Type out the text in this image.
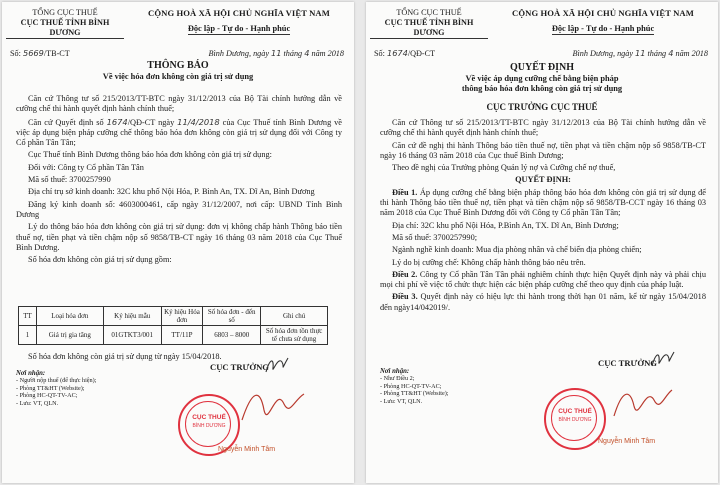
TỔNG CỤC THUẾ
CỤC THUẾ TỈNH BÌNH DƯƠNG
CỘNG HOÀ XÃ HỘI CHỦ NGHĨA VIỆT NAM
Độc lập - Tự do - Hạnh phúc
Số: 5669/TB-CT	Bình Dương, ngày 11 tháng 4 năm 2018
THÔNG BÁO
Về việc hóa đơn không còn giá trị sử dụng

Căn cứ Thông tư số 215/2013/TT-BTC ngày 31/12/2013 của Bộ Tài chính hướng dẫn về cưỡng chế thi hành quyết định hành chính thuế;

Căn cứ Quyết định số 1674/QĐ-CT ngày 11/4/2018 của Cục Thuế tỉnh Bình Dương về việc áp dụng biện pháp cưỡng chế thông báo hóa đơn không còn giá trị sử dụng đối với Công ty Cổ phần Tân Tân;

Cục Thuế tỉnh Bình Dương thông báo hóa đơn không còn giá trị sử dụng:

Đối với: Công ty Cổ phần Tân Tân

Mã số thuế: 3700257990

Địa chỉ trụ sở kinh doanh: 32C khu phố Nội Hóa, P. Bình An, TX. Dĩ An, Bình Dương

Đăng ký kinh doanh số: 4603000461, cấp ngày 31/12/2007, nơi cấp: UBND Tỉnh Bình Dương

Lý do thông báo hóa đơn không còn giá trị sử dụng: đơn vị không chấp hành Thông báo tiền thuế nợ, tiền phạt và tiền chậm nộp số 9858/TB-CT ngày 16 tháng 03 năm 2018 của Cục Thuế Bình Dương.

Số hóa đơn không còn giá trị sử dụng gồm:

TT	Loại hóa đơn	Ký hiệu mẫu	Ký hiệu Hóa đơn	Số hóa đơn - đến số	Ghi chú
1	Giá trị gia tăng	01GTKT3/001	TT/11P	6803 – 8000	Số hóa đơn tồn thực tế chưa sử dụng

Số hóa đơn không còn giá trị sử dụng từ ngày 15/04/2018.

Nơi nhận:
- Người nộp thuế (để thực hiện);
- Phòng TT&HT (Website);
- Phòng HC-QT-TV-AC;
- Lưu: VT, QLN.
CỤC TRƯỞNG
CỤC THUẾ
BÌNH DƯƠNG
Nguyễn Minh Tâm
TỔNG CỤC THUẾ
CỤC THUẾ TỈNH BÌNH DƯƠNG
CỘNG HOÀ XÃ HỘI CHỦ NGHĨA VIỆT NAM
Độc lập - Tự do - Hạnh phúc
Số: 1674/QĐ-CT	Bình Dương, ngày 11 tháng 4 năm 2018
QUYẾT ĐỊNH
Về việc áp dụng cưỡng chế bằng biện pháp
thông báo hóa đơn không còn giá trị sử dụng
CỤC TRƯỞNG CỤC THUẾ

Căn cứ Thông tư số 215/2013/TT-BTC ngày 31/12/2013 của Bộ Tài chính hướng dẫn về cưỡng chế thi hành quyết định hành chính thuế;

Căn cứ đề nghị thi hành Thông báo tiền thuế nợ, tiền phạt và tiền chậm nộp số 9858/TB-CT ngày 16 tháng 03 năm 2018 của Cục thuế Bình Dương;

Theo đề nghị của Trưởng phòng Quản lý nợ và Cưỡng chế nợ thuế,

QUYẾT ĐỊNH:

Điều 1. Áp dụng cưỡng chế bằng biện pháp thông báo hóa đơn không còn giá trị sử dụng để thi hành Thông báo tiền thuế nợ, tiền phạt và tiền chậm nộp số 9858/TB-CCT ngày 16 tháng 03 năm 2018 của Cục Thuế Bình Dương đối với Công ty Cổ phần Tân Tân;

Địa chỉ: 32C khu phố Nội Hóa, P.Bình An, TX. Dĩ An, Bình Dương;

Mã số thuế: 3700257990;

Ngành nghề kinh doanh: Mua địa phòng nhân và chế biến địa phòng chiến;

Lý do bị cưỡng chế: Không chấp hành thông báo nêu trên.

Điều 2. Công ty Cổ phần Tân Tân phải nghiêm chỉnh thực hiện Quyết định này và phải chịu mọi chi phí về việc tổ chức thực hiện các biện pháp cưỡng chế theo quy định của pháp luật.

Điều 3. Quyết định này có hiệu lực thi hành trong thời hạn 01 năm, kể từ ngày 15/04/2018 đến ngày14/042019/.

Nơi nhận:
- Như Điều 2;
- Phòng HC-QT-TV-AC;
- Phòng TT&HT (Website);
- Lưu: VT, QLN.
CỤC TRƯỞNG
CỤC THUẾ
BÌNH DƯƠNG
Nguyễn Minh Tâm
